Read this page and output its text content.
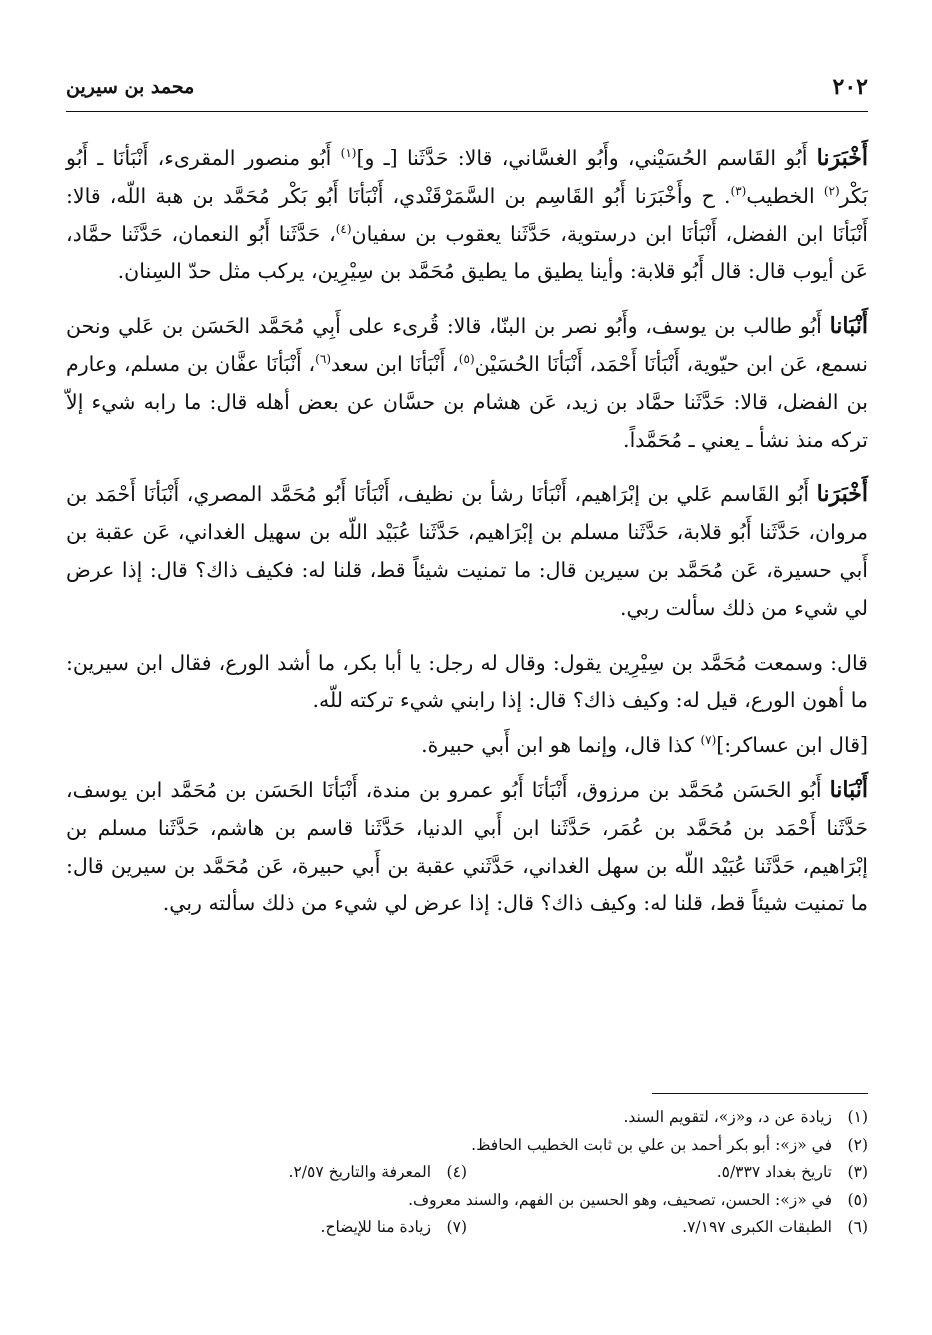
٢٠٢
محمد بن سيرين

أَخْبَرَنا أَبُو القَاسم الحُسَيْني، وأَبُو الغسَّاني، قالا: حَدَّثَنا [ـ و]$^{(١)}$ أَبُو منصور المقرىء، أَنْبَأنَا ـ أَبُو بَكْر$^{(٢)}$ الخطيب$^{(٣)}$. ح وأَخْبَرَنا أَبُو القَاسِم بن السَّمَرْقَنْدي، أَنْبَأنَا أَبُو بَكْر مُحَمَّد بن هبة اللّه، قالا: أَنْبَأنَا ابن الفضل، أَنْبَأنَا ابن درستوية، حَدَّثَنا يعقوب بن سفيان$^{(٤)}$، حَدَّثَنا أَبُو النعمان، حَدَّثَنا حمَّاد، عَن أيوب قال: قال أَبُو قلابة: وأينا يطيق ما يطيق مُحَمَّد بن سِيْرِين، يركب مثل حدّ السِنان.

أَنْبَانا أَبُو طالب بن يوسف، وأَبُو نصر بن البنّا، قالا: قُرىء على أَبِي مُحَمَّد الحَسَن بن عَلي ونحن نسمع، عَن ابن حيّوية، أَنْبَأنَا أَحْمَد، أَنْبَأنَا الحُسَيْن$^{(٥)}$، أَنْبَأنَا ابن سعد$^{(٦)}$، أَنْبَأنَا عفَّان بن مسلم، وعارم بن الفضل، قالا: حَدَّثَنا حمَّاد بن زيد، عَن هشام بن حسَّان عن بعض أهله قال: ما رابه شيء إلاّ تركه منذ نشأ ـ يعني ـ مُحَمَّداً.

أَخْبَرَنا أَبُو القَاسم عَلي بن إبْرَاهيم، أَنْبَأنَا رشأ بن نظيف، أَنْبَأنَا أَبُو مُحَمَّد المصري، أَنْبَأنَا أَحْمَد بن مروان، حَدَّثَنا أَبُو قلابة، حَدَّثَنا مسلم بن إبْرَاهيم، حَدَّثَنا عُبَيْد اللّه بن سهيل الغداني، عَن عقبة بن أَبي حسيرة، عَن مُحَمَّد بن سيرين قال: ما تمنيت شيئاً قط، قلنا له: فكيف ذاك؟ قال: إذا عرض لي شيء من ذلك سألت ربي.

قال: وسمعت مُحَمَّد بن سِيْرِين يقول: وقال له رجل: يا أبا بكر، ما أشد الورع، فقال ابن سيرين: ما أهون الورع، قيل له: وكيف ذاك؟ قال: إذا رابني شيء تركته للّه.

[قال ابن عساكر:]$^{(٧)}$ كذا قال، وإنما هو ابن أَبي حبيرة.

أَنْبَانا أَبُو الحَسَن مُحَمَّد بن مرزوق، أَنْبَأنَا أَبُو عمرو بن مندة، أَنْبَأنَا الحَسَن بن مُحَمَّد ابن يوسف، حَدَّثَنا أَحْمَد بن مُحَمَّد بن عُمَر، حَدَّثَنا ابن أَبي الدنيا، حَدَّثَنا قاسم بن هاشم، حَدَّثَنا مسلم بن إبْرَاهيم، حَدَّثَنا عُبَيْد اللّه بن سهل الغداني، حَدَّثَني عقبة بن أَبي حبيرة، عَن مُحَمَّد بن سيرين قال: ما تمنيت شيئاً قط، قلنا له: وكيف ذاك؟ قال: إذا عرض لي شيء من ذلك سألته ربي.

(١)
زيادة عن د، و«ز»، لتقويم السند.
(٢)
في «ز»: أبو بكر أحمد بن علي بن ثابت الخطيب الحافظ.
(٣)
تاريخ بغداد ٥/٣٣٧.
(٤)
المعرفة والتاريخ ٢/٥٧.
(٥)
في «ز»: الحسن، تصحيف، وهو الحسين بن الفهم، والسند معروف.
(٦)
الطبقات الكبرى ٧/١٩٧.
(٧)
زيادة منا للإيضاح.
